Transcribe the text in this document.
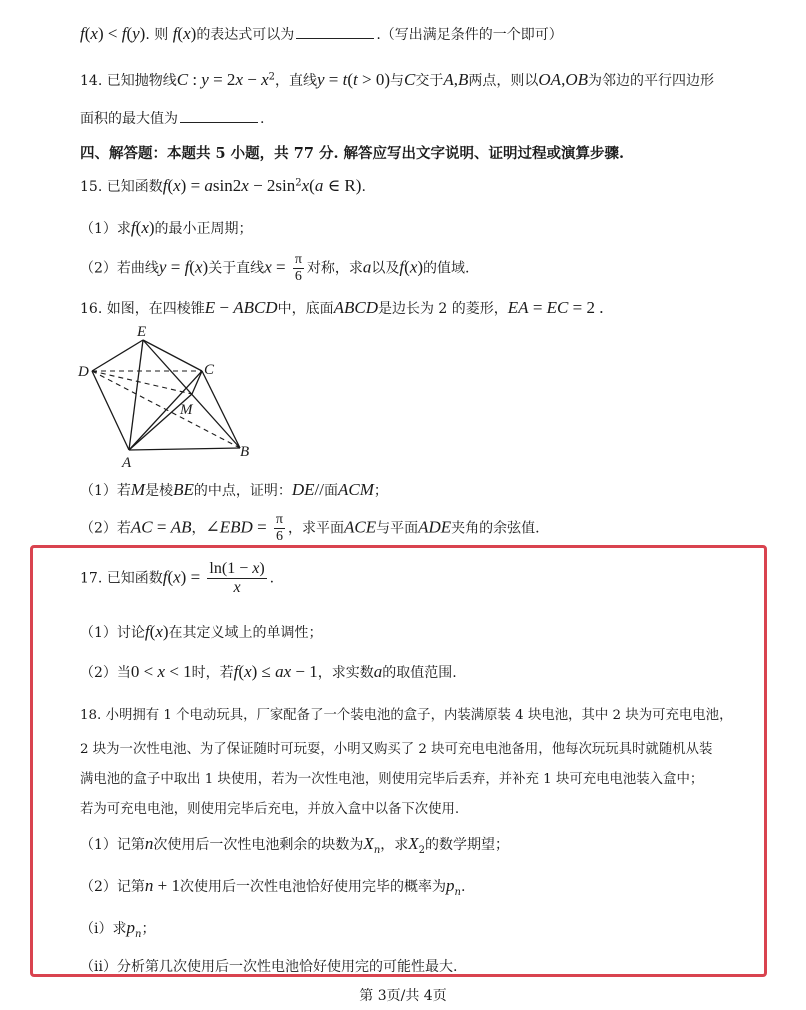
f(x) < f(y). 则 f(x)的表达式可以为	.（写出满足条件的一个即可）
14. 已知抛物线C : $y = 2x - x^2$，直线y = t(t > 0)与C交于A,B两点，则以OA,OB为邻边的平行四边形
面积的最大值为	.
四、解答题：本题共 5 小题，共 77 分. 解答应写出文字说明、证明过程或演算步骤.
15. 已知函数$f(x) = asin2x - 2\sin^2x(a$ ∈ R).
（1）求f(x)的最小正周期；
（2）若曲线y = f(x)关于直线$x = \frac{\pi}{6}$ 对称，求a以及f(x)的值域.
16. 如图，在四棱锥E − ABCD中，底面ABCD是边长为 2 的菱形，EA = EC = 2 .
E
D	C
M
A
B
（1）若M是棱BE的中点，证明：DE//面ACM；
（2）若AC = AB，∠EBD = $\frac{\pi}{6}$ ，求平面ACE与平面ADE夹角的余弦值.
17. 已知函数$f(x) = \frac{\ln(1 - x)}{x}$ .
（1）讨论f(x)在其定义域上的单调性；
（2）当0 < x < 1时，若f(x) ≤ ax − 1，求实数a的取值范围.
18. 小明拥有 1 个电动玩具，厂家配备了一个装电池的盒子，内装满原装 4 块电池，其中 2 块为可充电电池，
2 块为一次性电池、为了保证随时可玩耍，小明又购买了 2 块可充电电池备用，他每次玩玩具时就随机从装
满电池的盒子中取出 1 块使用，若为一次性电池，则使用完毕后丢弃，并补充 1 块可充电电池装入盒中；
若为可充电电池，则使用完毕后充电，并放入盒中以备下次使用.
（1）记第n次使用后一次性电池剩余的块数为$X_n$，求$X_2$的数学期望；
（2）记第n + 1次使用后一次性电池恰好使用完毕的概率为$p_n$.
（i）求$p_n$；
（ii）分析第几次使用后一次性电池恰好使用完的可能性最大.
第 3页/共 4页
